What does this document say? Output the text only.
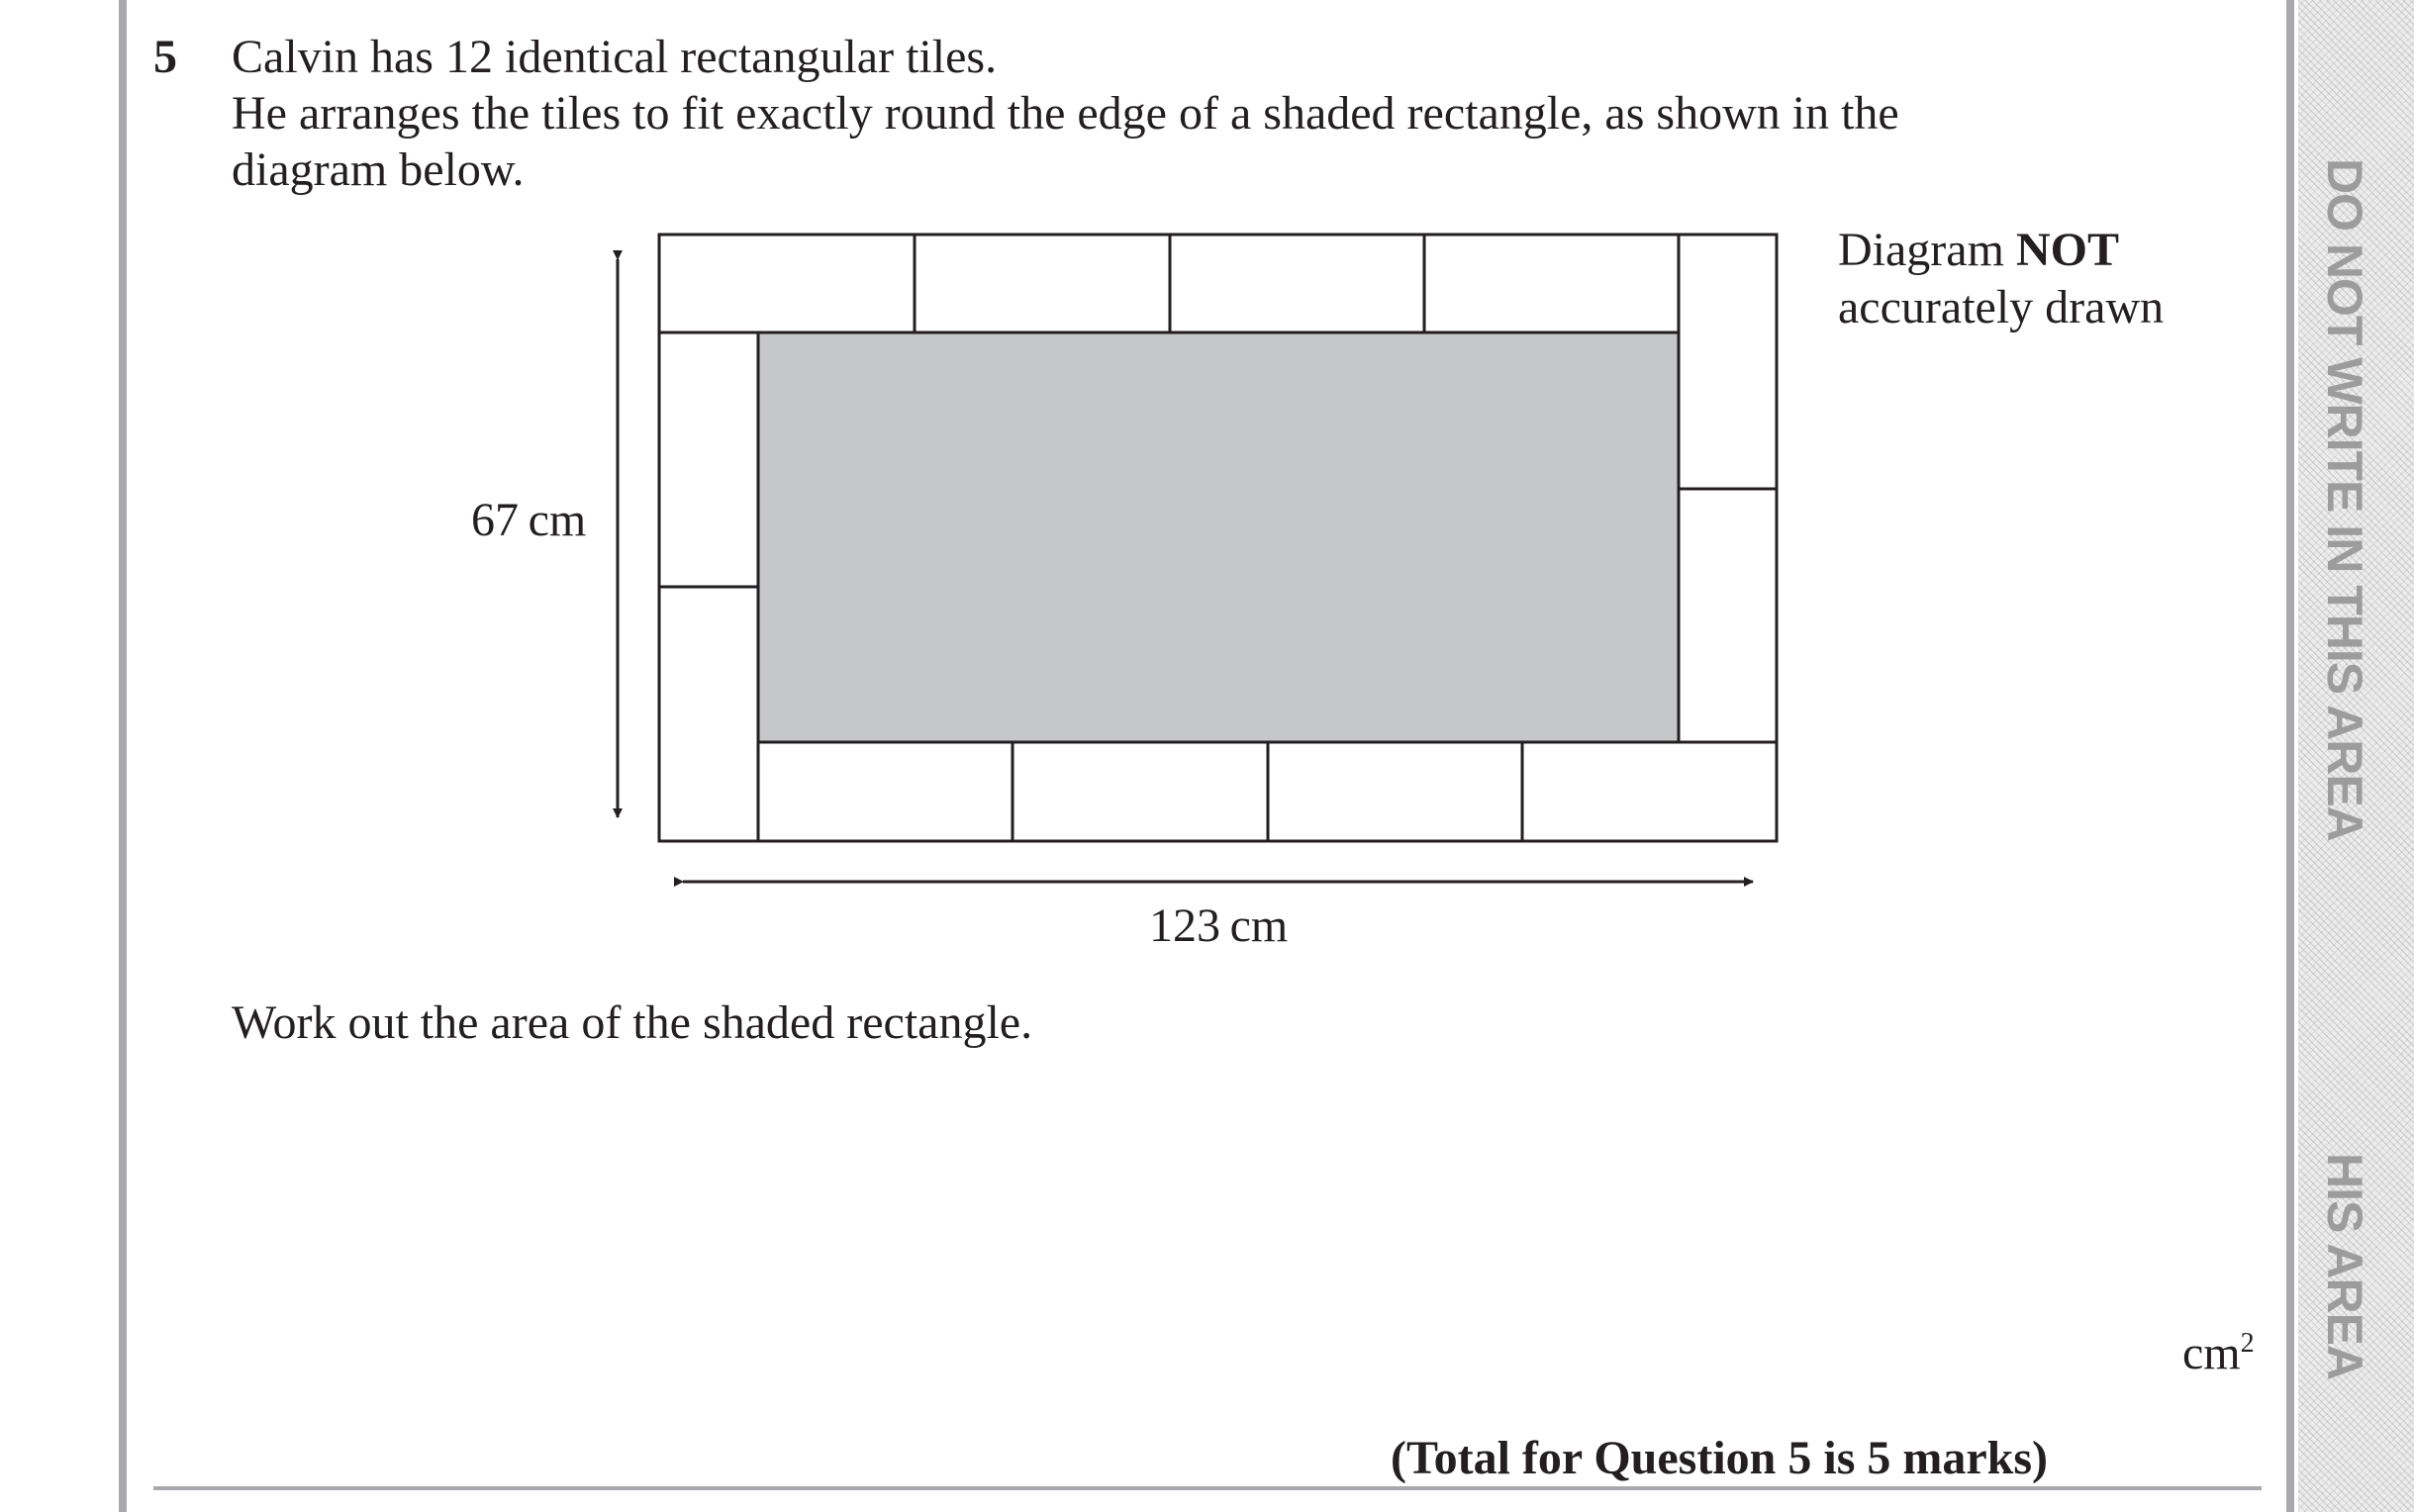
DO NOT WRITE IN THIS AREA
HIS AREA
5 Calvin has 12 identical rectangular tiles.
He arranges the tiles to fit exactly round the edge of a shaded rectangle, as shown in the
diagram below.
67 cm
123 cm
Diagram NOT
accurately drawn
Work out the area of the shaded rectangle.
$cm^2$
(Total for Question 5 is 5 marks)
